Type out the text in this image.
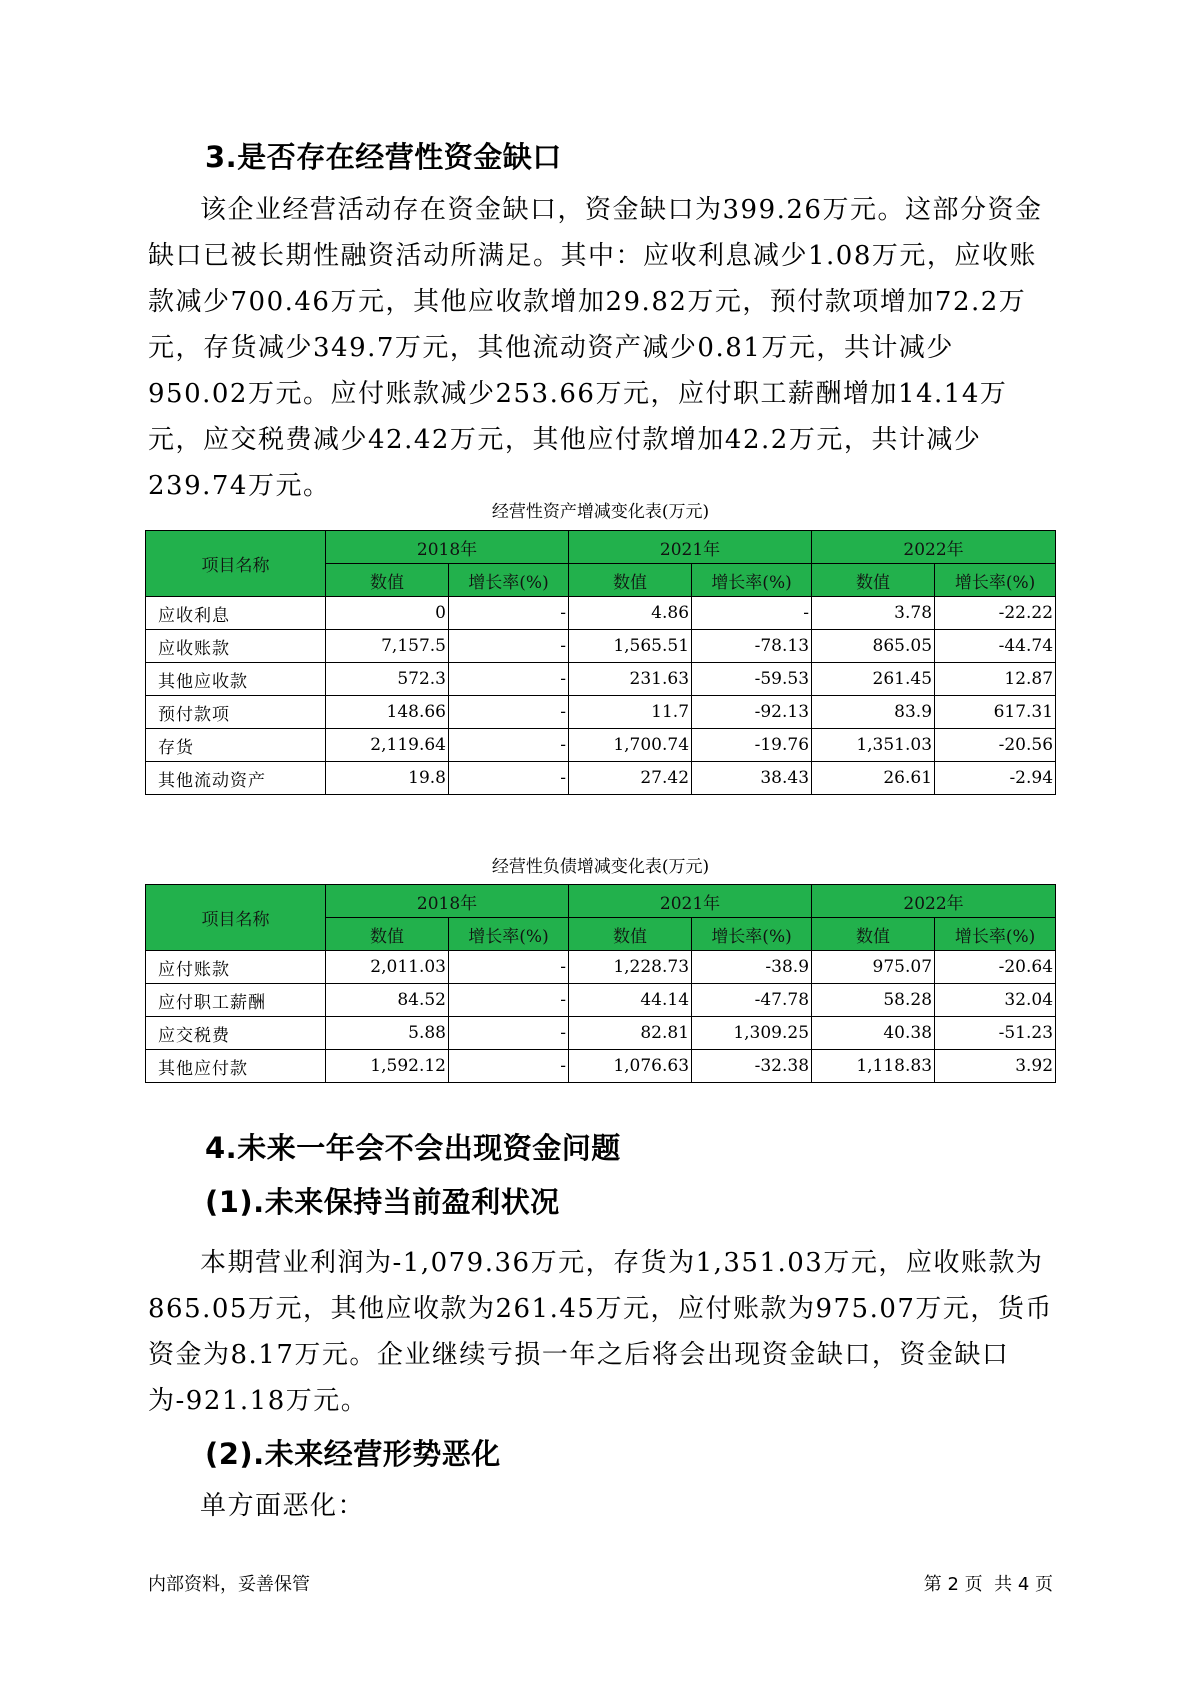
3.是否存在经营性资金缺口
该企业经营活动存在资金缺口，资金缺口为399.26万元。这部分资金缺口已被长期性融资活动所满足。其中：应收利息减少1.08万元，应收账款减少700.46万元，其他应收款增加29.82万元，预付款项增加72.2万元，存货减少349.7万元，其他流动资产减少0.81万元，共计减少950.02万元。应付账款减少253.66万元，应付职工薪酬增加14.14万元，应交税费减少42.42万元，其他应付款增加42.2万元，共计减少239.74万元。
经营性资产增减变化表(万元)
项目名称	2018年		2021年		2022年	
	数值	增长率(%)	数值	增长率(%)	数值	增长率(%)
应收利息	0	-	4.86	-	3.78	-22.22
应收账款	7,157.5	-	1,565.51	-78.13	865.05	-44.74
其他应收款	572.3	-	231.63	-59.53	261.45	12.87
预付款项	148.66	-	11.7	-92.13	83.9	617.31
存货	2,119.64	-	1,700.74	-19.76	1,351.03	-20.56
其他流动资产	19.8	-	27.42	38.43	26.61	-2.94
经营性负债增减变化表(万元)
项目名称	2018年		2021年		2022年	
	数值	增长率(%)	数值	增长率(%)	数值	增长率(%)
应付账款	2,011.03	-	1,228.73	-38.9	975.07	-20.64
应付职工薪酬	84.52	-	44.14	-47.78	58.28	32.04
应交税费	5.88	-	82.81	1,309.25	40.38	-51.23
其他应付款	1,592.12	-	1,076.63	-32.38	1,118.83	3.92
4.未来一年会不会出现资金问题
(1).未来保持当前盈利状况
本期营业利润为-1,079.36万元，存货为1,351.03万元，应收账款为865.05万元，其他应收款为261.45万元，应付账款为975.07万元，货币资金为8.17万元。企业继续亏损一年之后将会出现资金缺口，资金缺口为-921.18万元。
(2).未来经营形势恶化
单方面恶化：
内部资料，妥善保管	第 2 页  共 4 页
